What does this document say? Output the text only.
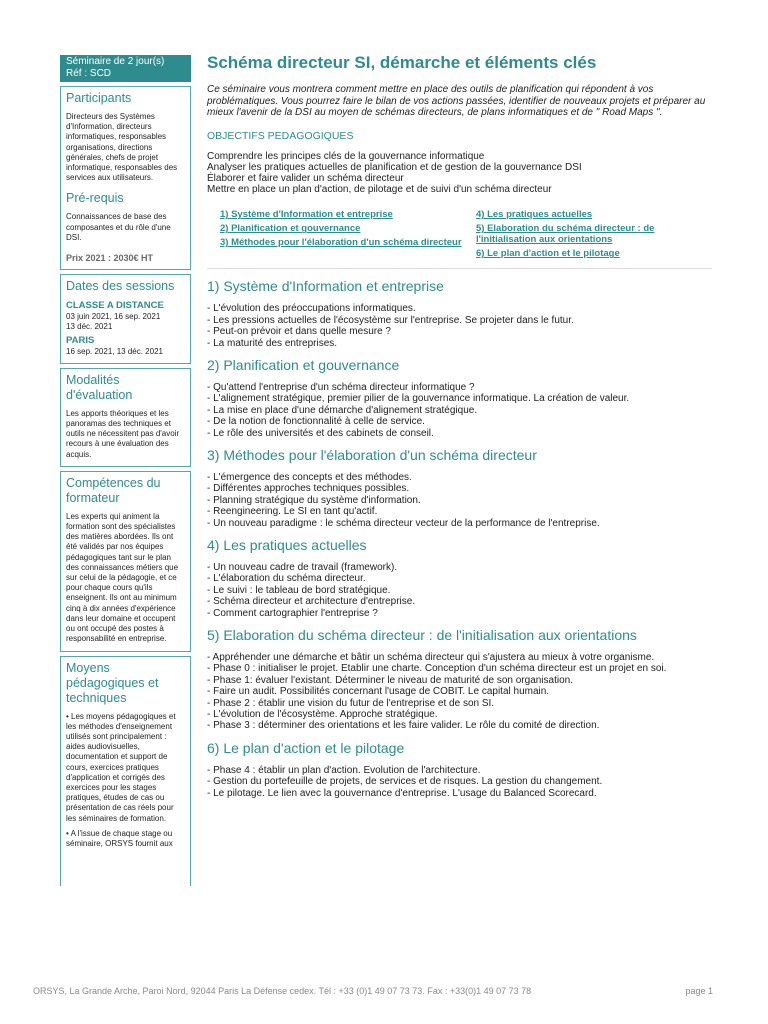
Séminaire de 2 jour(s)
Réf : SCD
Participants

Directeurs des Systèmes d'Information, directeurs informatiques, responsables organisations, directions générales, chefs de projet informatique, responsables des services aux utilisateurs.

Pré-requis

Connaissances de base des composantes et du rôle d'une DSI.

Prix 2021 : 2030€ HT

Dates des sessions

CLASSE A DISTANCE

03 juin 2021, 16 sep. 2021

13 déc. 2021

PARIS

16 sep. 2021, 13 déc. 2021

Modalités d'évaluation

Les apports théoriques et les panoramas des techniques et outils ne nécessitent pas d'avoir recours à une évaluation des acquis.

Compétences du formateur

Les experts qui animent la formation sont des spécialistes des matières abordées. Ils ont été validés par nos équipes pédagogiques tant sur le plan des connaissances métiers que sur celui de la pédagogie, et ce pour chaque cours qu'ils enseignent. Ils ont au minimum cinq à dix années d'expérience dans leur domaine et occupent ou ont occupé des postes à responsabilité en entreprise.

Moyens pédagogiques et techniques
• Les moyens pédagogiques et les méthodes d'enseignement utilisés sont principalement : aides audiovisuelles, documentation et support de cours, exercices pratiques d'application et corrigés des exercices pour les stages pratiques, études de cas ou présentation de cas réels pour les séminaires de formation.
• A l'issue de chaque stage ou séminaire, ORSYS fournit aux
Schéma directeur SI, démarche et éléments clés

Ce séminaire vous montrera comment mettre en place des outils de planification qui répondent à vos problématiques. Vous pourrez faire le bilan de vos actions passées, identifier de nouveaux projets et préparer au mieux l'avenir de la DSI au moyen de schémas directeurs, de plans informatiques et de " Road Maps ".

OBJECTIFS PEDAGOGIQUES
Comprendre les principes clés de la gouvernance informatique
Analyser les pratiques actuelles de planification et de gestion de la gouvernance DSI
Élaborer et faire valider un schéma directeur
Mettre en place un plan d'action, de pilotage et de suivi d'un schéma directeur
1) Système d'Information et entreprise
2) Planification et gouvernance
3) Méthodes pour l'élaboration d'un schéma directeur
4) Les pratiques actuelles
5) Elaboration du schéma directeur : de l'initialisation aux orientations
6) Le plan d'action et le pilotage
1) Système d'Information et entreprise

- L'évolution des préoccupations informatiques.

- Les pressions actuelles de l'écosystème sur l'entreprise. Se projeter dans le futur.

- Peut-on prévoir et dans quelle mesure ?

- La maturité des entreprises.

2) Planification et gouvernance

- Qu'attend l'entreprise d'un schéma directeur informatique ?

- L'alignement stratégique, premier pilier de la gouvernance informatique. La création de valeur.

- La mise en place d'une démarche d'alignement stratégique.

- De la notion de fonctionnalité à celle de service.

- Le rôle des universités et des cabinets de conseil.

3) Méthodes pour l'élaboration d'un schéma directeur

- L'émergence des concepts et des méthodes.

- Différentes approches techniques possibles.

- Planning stratégique du système d'information.

- Reengineering. Le SI en tant qu'actif.

- Un nouveau paradigme : le schéma directeur vecteur de la performance de l'entreprise.

4) Les pratiques actuelles

- Un nouveau cadre de travail (framework).

- L'élaboration du schéma directeur.

- Le suivi : le tableau de bord stratégique.

- Schéma directeur et architecture d'entreprise.

- Comment cartographier l'entreprise ?

5) Elaboration du schéma directeur : de l'initialisation aux orientations

- Appréhender une démarche et bâtir un schéma directeur qui s'ajustera au mieux à votre organisme.

- Phase 0 : initialiser le projet. Etablir une charte. Conception d'un schéma directeur est un projet en soi.

- Phase 1: évaluer l'existant. Déterminer le niveau de maturité de son organisation.

- Faire un audit. Possibilités concernant l'usage de COBIT. Le capital humain.

- Phase 2 : établir une vision du futur de l'entreprise et de son SI.

- L'évolution de l'écosystème. Approche stratégique.

- Phase 3 : déterminer des orientations et les faire valider. Le rôle du comité de direction.

6) Le plan d'action et le pilotage

- Phase 4 : établir un plan d'action. Evolution de l'architecture.

- Gestion du portefeuille de projets, de services et de risques. La gestion du changement.

- Le pilotage. Le lien avec la gouvernance d'entreprise. L'usage du Balanced Scorecard.

ORSYS, La Grande Arche, Paroi Nord, 92044 Paris La Défense cedex. Tél : +33 (0)1 49 07 73 73. Fax : +33(0)1 49 07 73 78	page 1
